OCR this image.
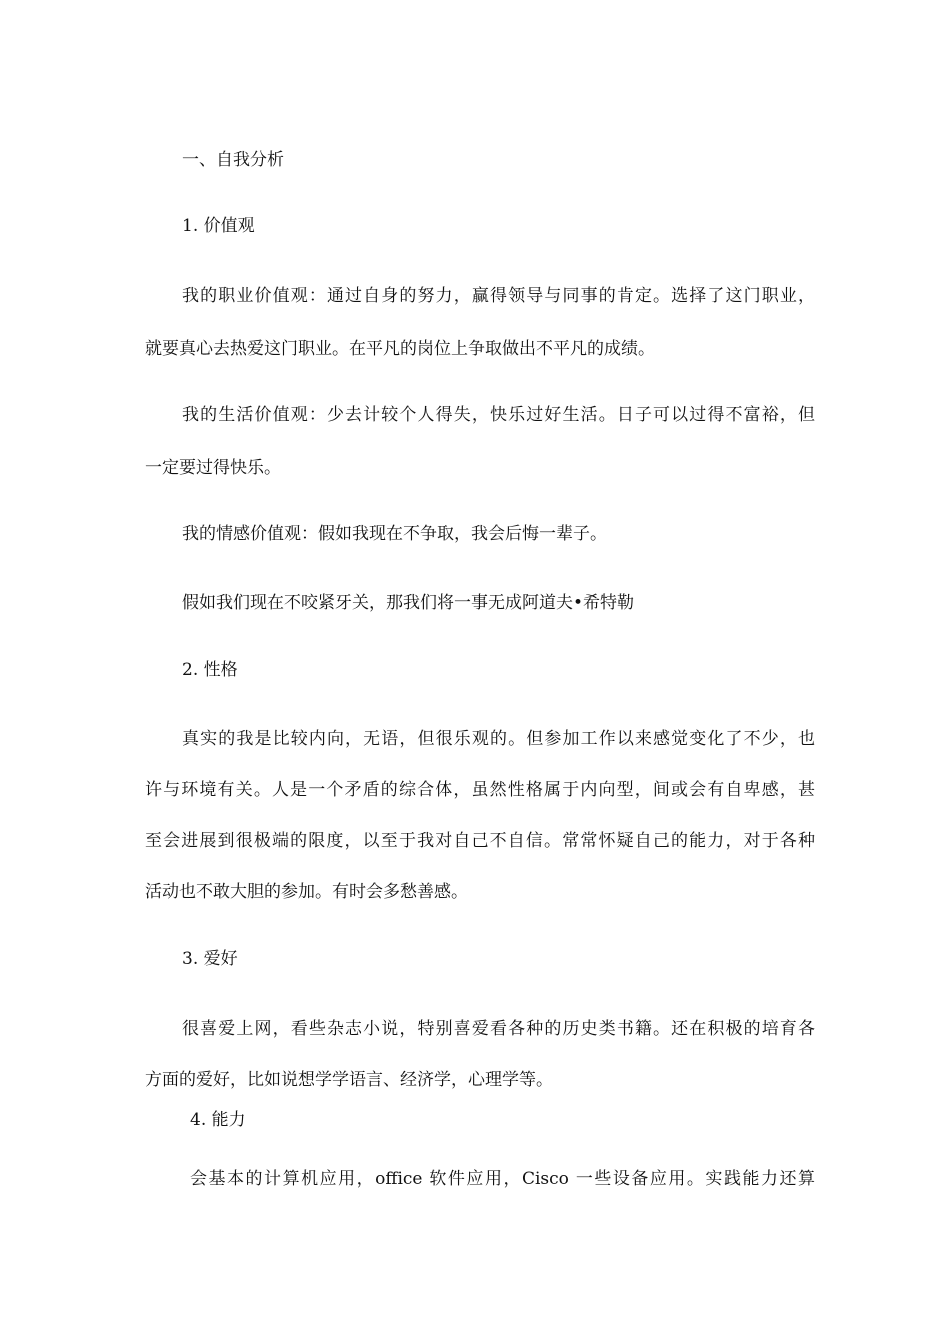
一、自我分析
1. 价值观
我的职业价值观：通过自身的努力，赢得领导与同事的肯定。选择了这门职业，
就要真心去热爱这门职业。在平凡的岗位上争取做出不平凡的成绩。
我的生活价值观：少去计较个人得失，快乐过好生活。日子可以过得不富裕，但
一定要过得快乐。
我的情感价值观：假如我现在不争取，我会后悔一辈子。
假如我们现在不咬紧牙关，那我们将一事无成阿道夫•希特勒
2. 性格
真实的我是比较内向，无语，但很乐观的。但参加工作以来感觉变化了不少，也
许与环境有关。人是一个矛盾的综合体，虽然性格属于内向型，间或会有自卑感，甚
至会进展到很极端的限度，以至于我对自己不自信。常常怀疑自己的能力，对于各种
活动也不敢大胆的参加。有时会多愁善感。
3. 爱好
很喜爱上网，看些杂志小说，特别喜爱看各种的历史类书籍。还在积极的培育各
方面的爱好，比如说想学学语言、经济学，心理学等。
4. 能力
会基本的计算机应用，office 软件应用，Cisco 一些设备应用。实践能力还算
